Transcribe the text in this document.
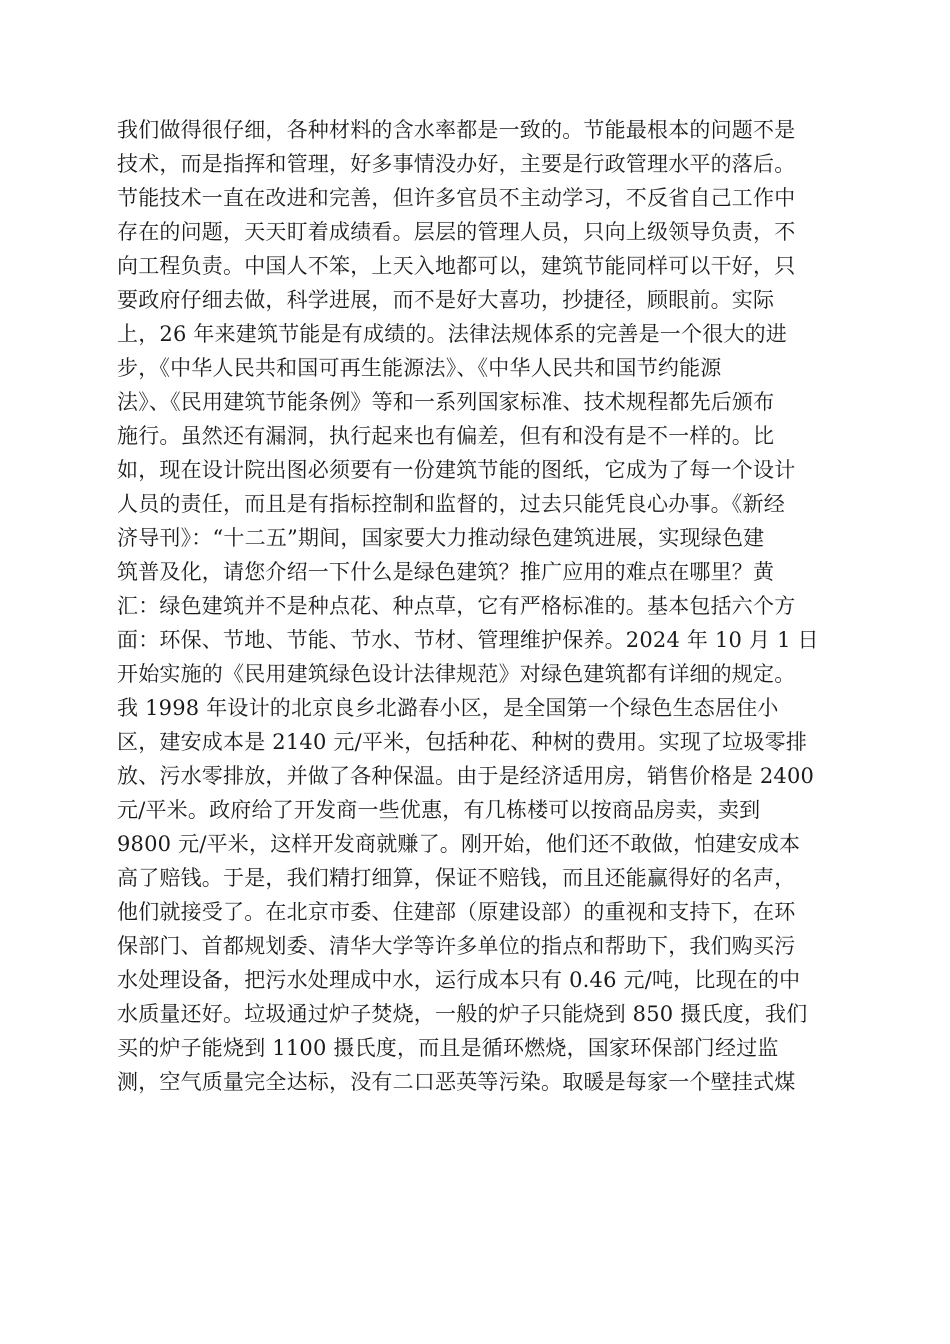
我们做得很仔细，各种材料的含水率都是一致的。节能最根本的问题不是
技术，而是指挥和管理，好多事情没办好，主要是行政管理水平的落后。
节能技术一直在改进和完善，但许多官员不主动学习，不反省自己工作中
存在的问题，天天盯着成绩看。层层的管理人员，只向上级领导负责，不
向工程负责。中国人不笨，上天入地都可以，建筑节能同样可以干好，只
要政府仔细去做，科学进展，而不是好大喜功，抄捷径，顾眼前。实际
上，26 年来建筑节能是有成绩的。法律法规体系的完善是一个很大的进
步，《中华人民共和国可再生能源法》、《中华人民共和国节约能源
法》、《民用建筑节能条例》等和一系列国家标准、技术规程都先后颁布
施行。虽然还有漏洞，执行起来也有偏差，但有和没有是不一样的。比
如，现在设计院出图必须要有一份建筑节能的图纸，它成为了每一个设计
人员的责任，而且是有指标控制和监督的，过去只能凭良心办事。《新经
济导刊》：“十二五”期间，国家要大力推动绿色建筑进展，实现绿色建
筑普及化，请您介绍一下什么是绿色建筑？推广应用的难点在哪里？黄
汇：绿色建筑并不是种点花、种点草，它有严格标准的。基本包括六个方
面：环保、节地、节能、节水、节材、管理维护保养。2024 年 10 月 1 日
开始实施的《民用建筑绿色设计法律规范》对绿色建筑都有详细的规定。
我 1998 年设计的北京良乡北潞春小区，是全国第一个绿色生态居住小
区，建安成本是 2140 元/平米，包括种花、种树的费用。实现了垃圾零排
放、污水零排放，并做了各种保温。由于是经济适用房，销售价格是 2400
元/平米。政府给了开发商一些优惠，有几栋楼可以按商品房卖，卖到
9800 元/平米，这样开发商就赚了。刚开始，他们还不敢做，怕建安成本
高了赔钱。于是，我们精打细算，保证不赔钱，而且还能赢得好的名声，
他们就接受了。在北京市委、住建部（原建设部）的重视和支持下，在环
保部门、首都规划委、清华大学等许多单位的指点和帮助下，我们购买污
水处理设备，把污水处理成中水，运行成本只有 0.46 元/吨，比现在的中
水质量还好。垃圾通过炉子焚烧，一般的炉子只能烧到 850 摄氏度，我们
买的炉子能烧到 1100 摄氏度，而且是循环燃烧，国家环保部门经过监
测，空气质量完全达标，没有二口恶英等污染。取暖是每家一个壁挂式煤
